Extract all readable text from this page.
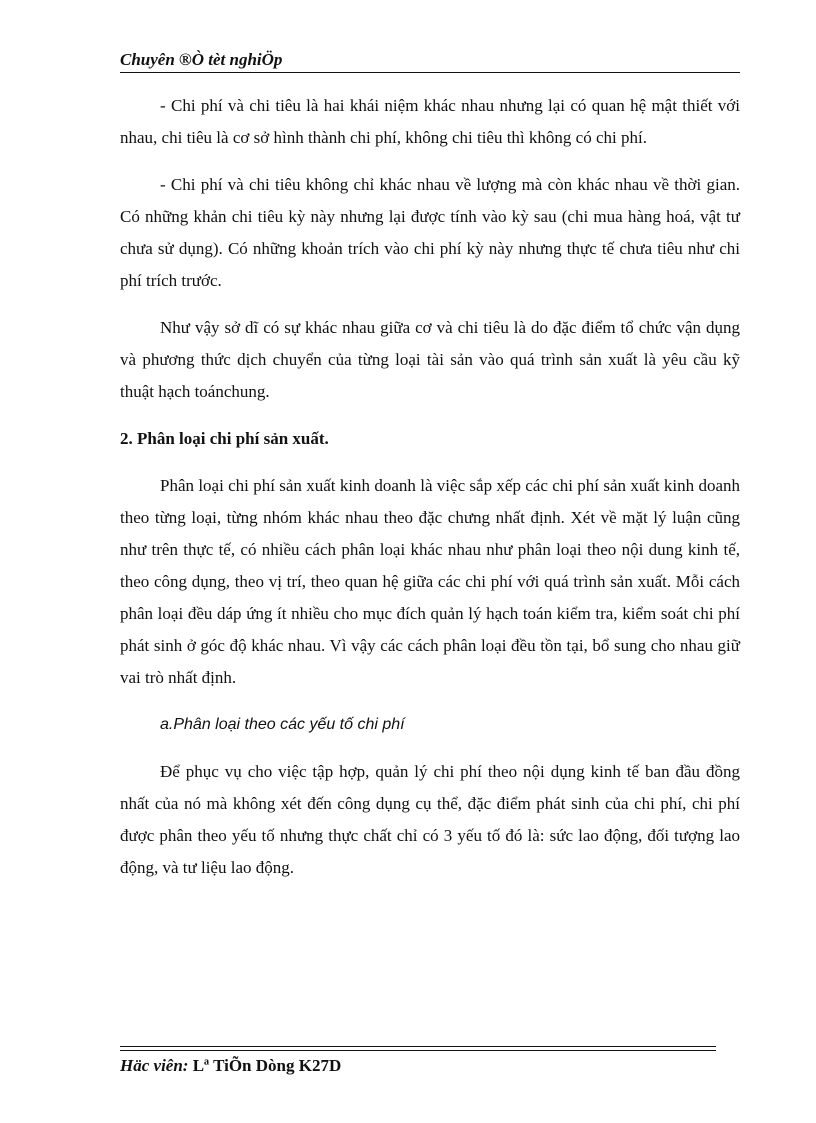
Chuyên ®Ò tèt nghiÖp

- Chi phí và chi tiêu là hai khái niệm khác nhau nhưng lại có quan hệ mật thiết với nhau, chi tiêu là cơ sở hình thành chi phí, không chi tiêu thì không có chi phí.

- Chi phí và chi tiêu không chỉ khác nhau về lượng mà còn khác nhau về thời gian. Có những khản chi tiêu kỳ này nhưng lại được tính vào kỳ sau (chi mua hàng hoá, vật tư chưa sử dụng). Có những khoản trích vào chi phí kỳ này nhưng thực tế chưa tiêu như chi phí trích trước.

Như vậy sở dĩ có sự khác nhau giữa cơ và chi tiêu là do đặc điểm tổ chức vận dụng và phương thức dịch chuyển của từng loại tài sản vào quá trình sản xuất là yêu cầu kỹ thuật hạch toánchung.

2. Phân loại chi phí sản xuất.

Phân loại chi phí sản xuất kinh doanh là việc sắp xếp các chi phí sản xuất kinh doanh theo từng loại, từng nhóm khác nhau theo đặc chưng nhất định. Xét về mặt lý luận cũng như trên thực tế, có nhiều cách phân loại khác nhau như phân loại theo nội dung kinh tế, theo công dụng, theo vị trí, theo quan hệ giữa các chi phí với quá trình sản xuất. Mỗi cách phân loại đều dáp ứng ít nhiều cho mục đích quản lý hạch toán kiểm tra, kiểm soát chi phí phát sinh ở góc độ khác nhau. Vì vậy các cách phân loại đều tồn tại, bổ sung cho nhau giữ vai trò nhất định.

a.Phân loại theo các yếu tố chi phí

Để phục vụ cho việc tập hợp, quản lý chi phí theo nội dụng kinh tế ban đầu đồng nhất của nó mà không xét đến công dụng cụ thể, đặc điểm phát sinh của chi phí, chi phí được phân theo yếu tố nhưng thực chất chỉ có 3 yếu tố đó là: sức lao động, đối tượng lao động, và tư liệu lao động.

Häc viên: Lª TiÕn Dòng K27D
